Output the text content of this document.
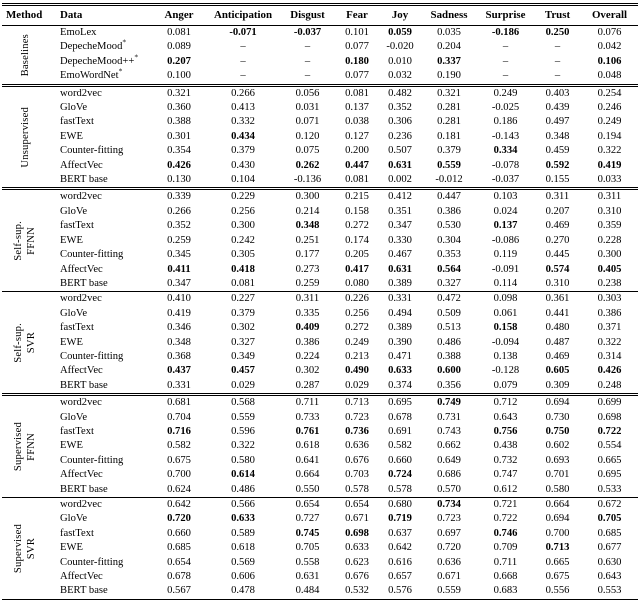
Method	Data	Anger	Anticipation	Disgust	Fear	Joy	Sadness	Surprise	Trust	Overall

Baselines	EmoLex	0.081	-0.071	-0.037	0.101	0.059	0.035	-0.186	0.250	0.076
	DepecheMood*	0.089	–	–	0.077	-0.020	0.204	–	–	0.042
	DepecheMood++*	0.207	–	–	0.180	0.010	0.337	–	–	0.106
	EmoWordNet*	0.100	–	–	0.077	0.032	0.190	–	–	0.048

Unsupervised	word2vec	0.321	0.266	0.056	0.081	0.482	0.321	0.249	0.403	0.254
	GloVe	0.360	0.413	0.031	0.137	0.352	0.281	-0.025	0.439	0.246
	fastText	0.388	0.332	0.071	0.038	0.306	0.281	0.186	0.497	0.249
	EWE	0.301	0.434	0.120	0.127	0.236	0.181	-0.143	0.348	0.194
	Counter-fitting	0.354	0.379	0.075	0.200	0.507	0.379	0.334	0.459	0.322
	AffectVec	0.426	0.430	0.262	0.447	0.631	0.559	-0.078	0.592	0.419
	BERT base	0.130	0.104	-0.136	0.081	0.002	-0.012	-0.037	0.155	0.033

Self-sup. FFNN	word2vec	0.339	0.229	0.300	0.215	0.412	0.447	0.103	0.311	0.311
	GloVe	0.266	0.256	0.214	0.158	0.351	0.386	0.024	0.207	0.310
	fastText	0.352	0.300	0.348	0.272	0.347	0.530	0.137	0.469	0.359
	EWE	0.259	0.242	0.251	0.174	0.330	0.304	-0.086	0.270	0.228
	Counter-fitting	0.345	0.305	0.177	0.205	0.467	0.353	0.119	0.445	0.300
	AffectVec	0.411	0.418	0.273	0.417	0.631	0.564	-0.091	0.574	0.405
	BERT base	0.347	0.081	0.259	0.080	0.389	0.327	0.114	0.310	0.238

Self-sup. SVR	word2vec	0.410	0.227	0.311	0.226	0.331	0.472	0.098	0.361	0.303
	GloVe	0.419	0.379	0.335	0.256	0.494	0.509	0.061	0.441	0.386
	fastText	0.346	0.302	0.409	0.272	0.389	0.513	0.158	0.480	0.371
	EWE	0.348	0.327	0.386	0.249	0.390	0.486	-0.094	0.487	0.322
	Counter-fitting	0.368	0.349	0.224	0.213	0.471	0.388	0.138	0.469	0.314
	AffectVec	0.437	0.457	0.302	0.490	0.633	0.600	-0.128	0.605	0.426
	BERT base	0.331	0.029	0.287	0.029	0.374	0.356	0.079	0.309	0.248

Supervised FFNN	word2vec	0.681	0.568	0.711	0.713	0.695	0.749	0.712	0.694	0.699
	GloVe	0.704	0.559	0.733	0.723	0.678	0.731	0.643	0.730	0.698
	fastText	0.716	0.596	0.761	0.736	0.691	0.743	0.756	0.750	0.722
	EWE	0.582	0.322	0.618	0.636	0.582	0.662	0.438	0.602	0.554
	Counter-fitting	0.675	0.580	0.641	0.676	0.660	0.649	0.732	0.693	0.665
	AffectVec	0.700	0.614	0.664	0.703	0.724	0.686	0.747	0.701	0.695
	BERT base	0.624	0.486	0.550	0.578	0.578	0.570	0.612	0.580	0.533

Supervised SVR	word2vec	0.642	0.566	0.654	0.654	0.680	0.734	0.721	0.664	0.672
	GloVe	0.720	0.633	0.727	0.671	0.719	0.723	0.722	0.694	0.705
	fastText	0.660	0.589	0.745	0.698	0.637	0.697	0.746	0.700	0.685
	EWE	0.685	0.618	0.705	0.633	0.642	0.720	0.709	0.713	0.677
	Counter-fitting	0.654	0.569	0.558	0.623	0.616	0.636	0.711	0.665	0.630
	AffectVec	0.678	0.606	0.631	0.676	0.657	0.671	0.668	0.675	0.643
	BERT base	0.567	0.478	0.484	0.532	0.576	0.559	0.683	0.556	0.553
